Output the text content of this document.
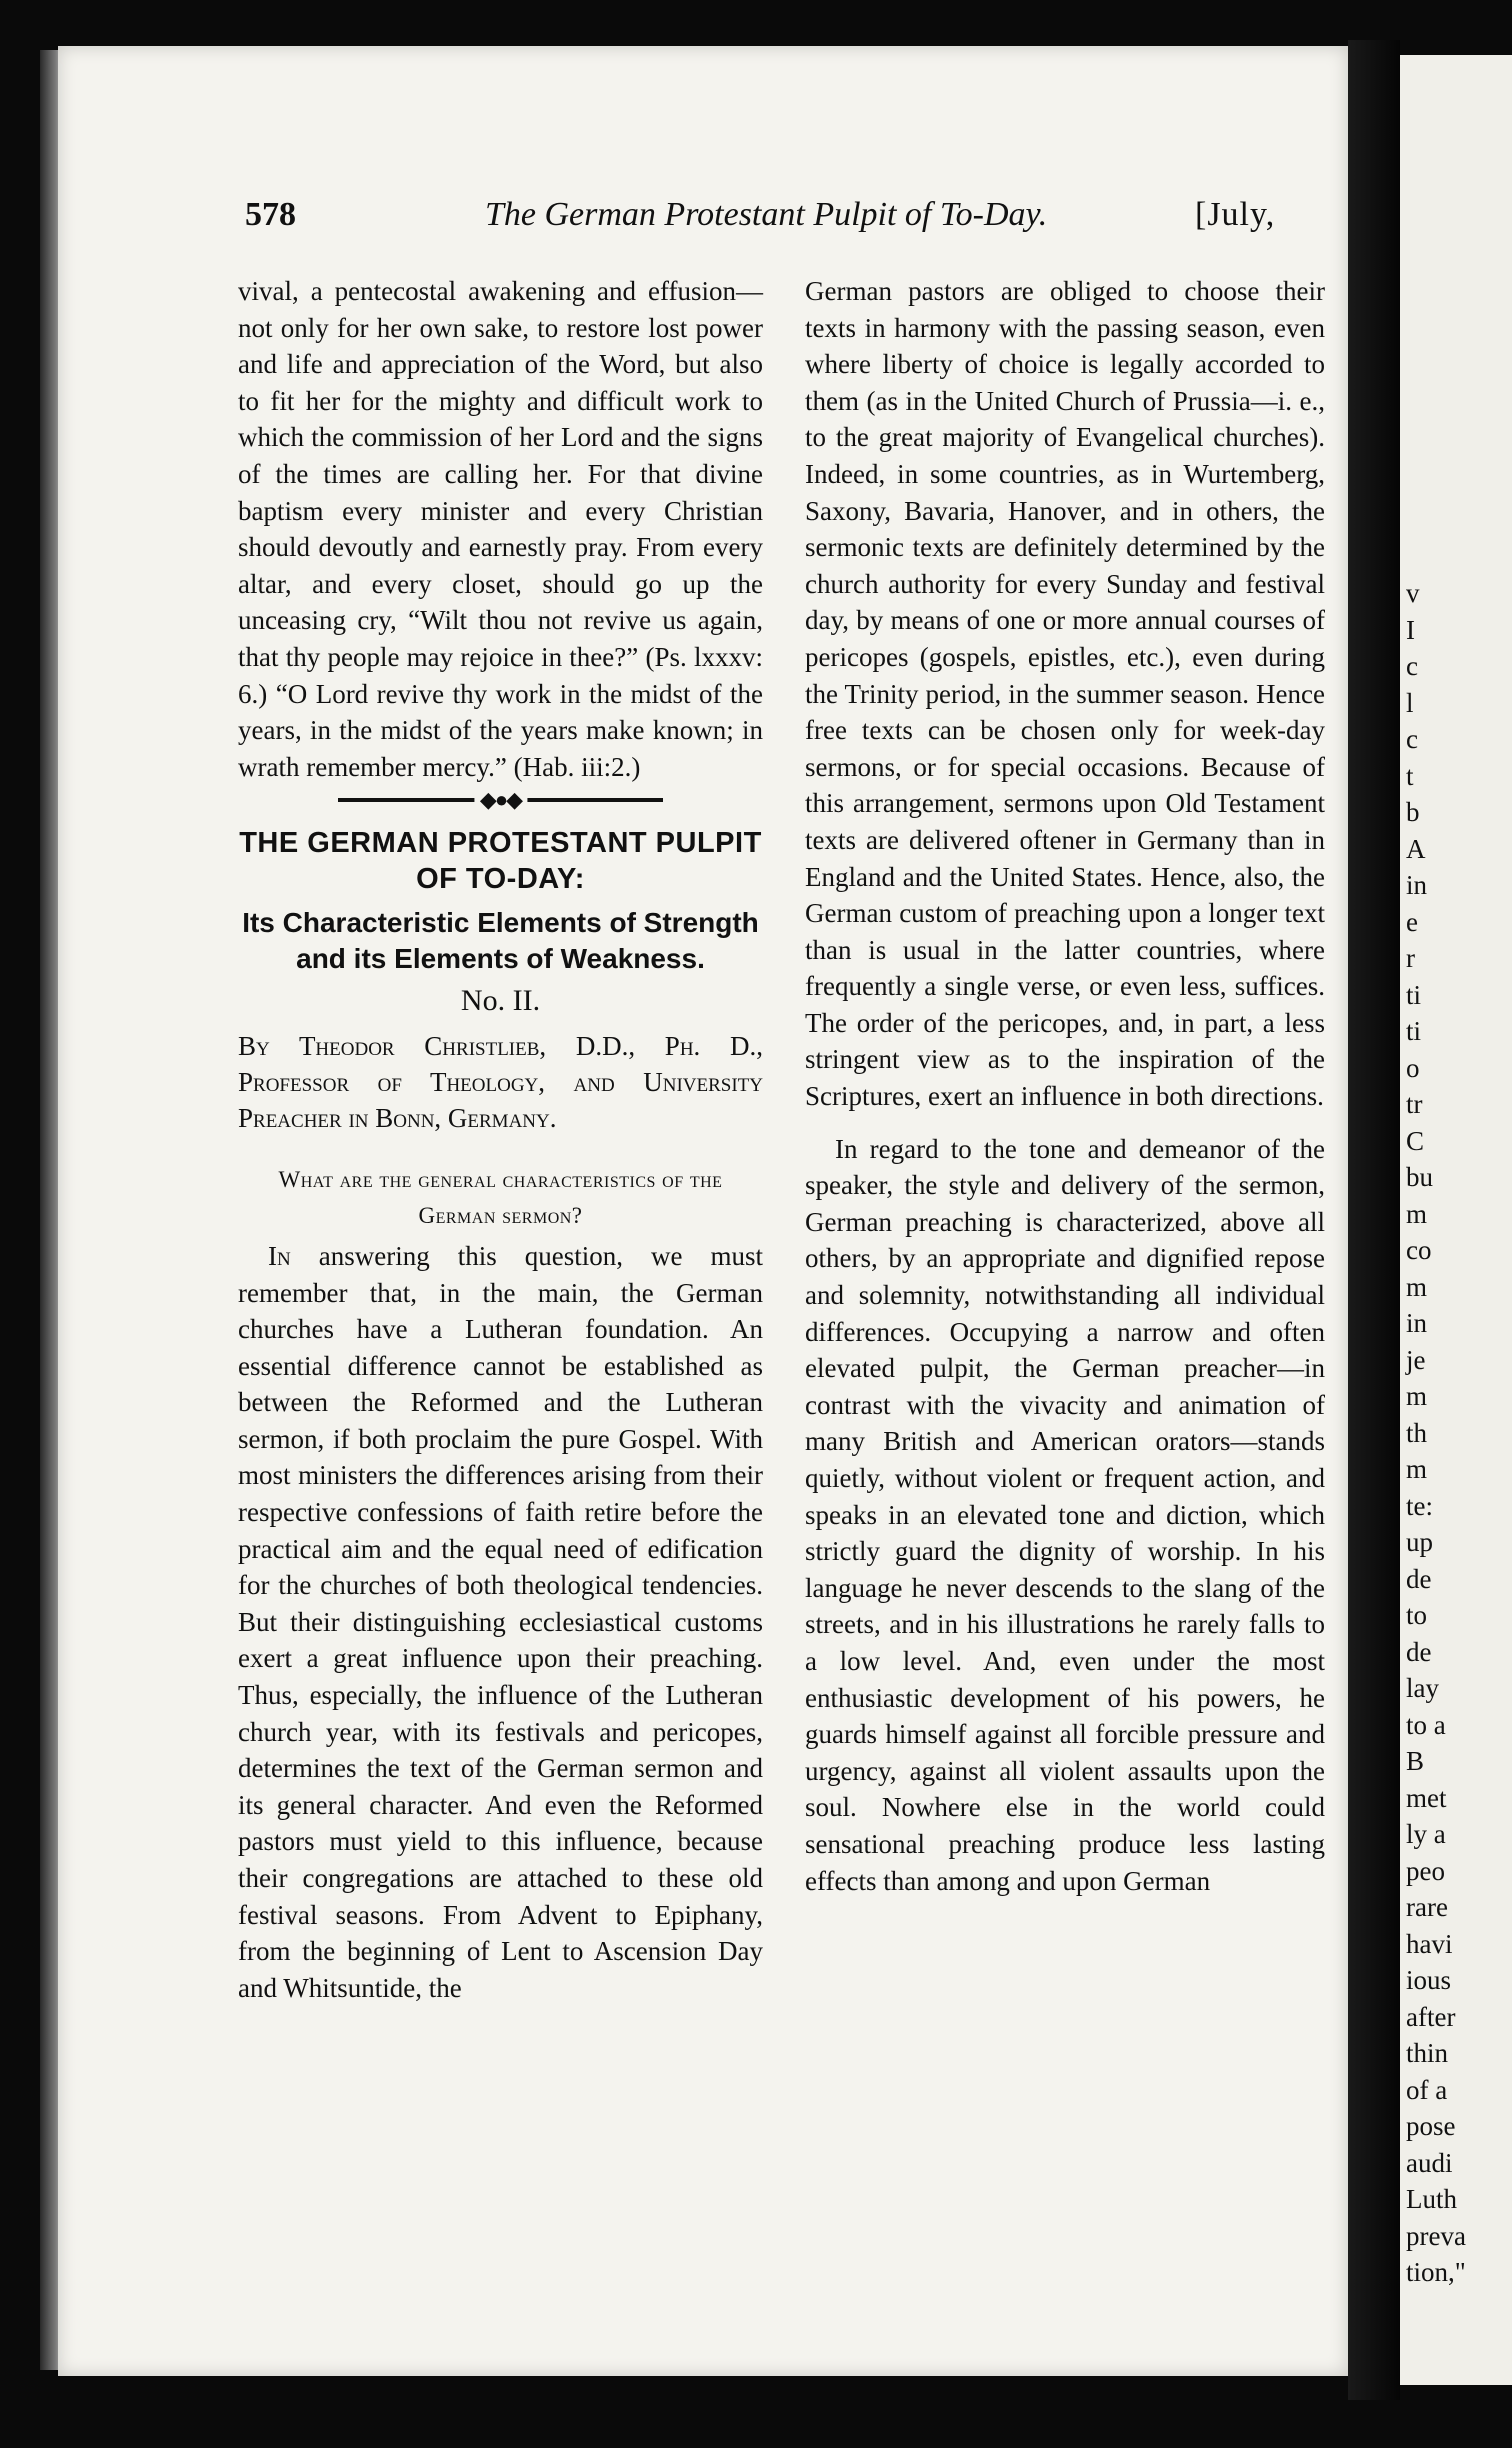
578	The German Protestant Pulpit of To-Day.	[July,

vival, a pentecostal awakening and effusion—not only for her own sake, to restore lost power and life and appreciation of the Word, but also to fit her for the mighty and difficult work to which the commission of her Lord and the signs of the times are calling her. For that divine baptism every minister and every Christian should devoutly and earnestly pray. From every altar, and every closet, should go up the unceasing cry, “Wilt thou not revive us again, that thy people may rejoice in thee?” (Ps. lxxxv: 6.) “O Lord revive thy work in the midst of the years, in the midst of the years make known; in wrath remember mercy.” (Hab. iii:2.)

◆●◆
THE GERMAN PROTESTANT PULPIT OF TO-DAY:
Its Characteristic Elements of Strength and its Elements of Weakness.
No. II.
By Theodor Christlieb, D.D., Ph. D., Professor of Theology, and University Preacher in Bonn, Germany.
What are the general characteristics of the German sermon?

In answering this question, we must remember that, in the main, the German churches have a Lutheran foundation. An essential difference cannot be established as between the Reformed and the Lutheran sermon, if both proclaim the pure Gospel. With most ministers the differences arising from their respective confessions of faith retire before the practical aim and the equal need of edification for the churches of both theological tendencies. But their distinguishing ecclesiastical customs exert a great influence upon their preaching. Thus, especially, the influence of the Lutheran church year, with its festivals and pericopes, determines the text of the German sermon and its general character. And even the Reformed pastors must yield to this influence, because their congregations are attached to these old festival seasons. From Advent to Epiphany, from the beginning of Lent to Ascension Day and Whitsuntide, the

German pastors are obliged to choose their texts in harmony with the passing season, even where liberty of choice is legally accorded to them (as in the United Church of Prussia—i. e., to the great majority of Evangelical churches). Indeed, in some countries, as in Wurtemberg, Saxony, Bavaria, Hanover, and in others, the sermonic texts are definitely determined by the church authority for every Sunday and festival day, by means of one or more annual courses of pericopes (gospels, epistles, etc.), even during the Trinity period, in the summer season. Hence free texts can be chosen only for week-day sermons, or for special occasions. Because of this arrangement, sermons upon Old Testament texts are delivered oftener in Germany than in England and the United States. Hence, also, the German custom of preaching upon a longer text than is usual in the latter countries, where frequently a single verse, or even less, suffices. The order of the pericopes, and, in part, a less stringent view as to the inspiration of the Scriptures, exert an influence in both directions.

In regard to the tone and demeanor of the speaker, the style and delivery of the sermon, German preaching is characterized, above all others, by an appropriate and dignified repose and solemnity, notwithstanding all individual differences. Occupying a narrow and often elevated pulpit, the German preacher—in contrast with the vivacity and animation of many British and American orators—stands quietly, without violent or frequent action, and speaks in an elevated tone and diction, which strictly guard the dignity of worship. In his language he never descends to the slang of the streets, and in his illustrations he rarely falls to a low level. And, even under the most enthusiastic development of his powers, he guards himself against all forcible pressure and urgency, against all violent assaults upon the soul. Nowhere else in the world could sensational preaching produce less lasting effects than among and upon German

v
I
c
l
c
t
b
A
in
e
r
ti
ti
o
tr
C
bu
m
co
m
in
je
m
th
m
te:
up
de
to
de
lay
to a
B
met
ly a
peo
rare
havi
ious
after
thin
of a
pose
audi
Luth
preva
tion,"
